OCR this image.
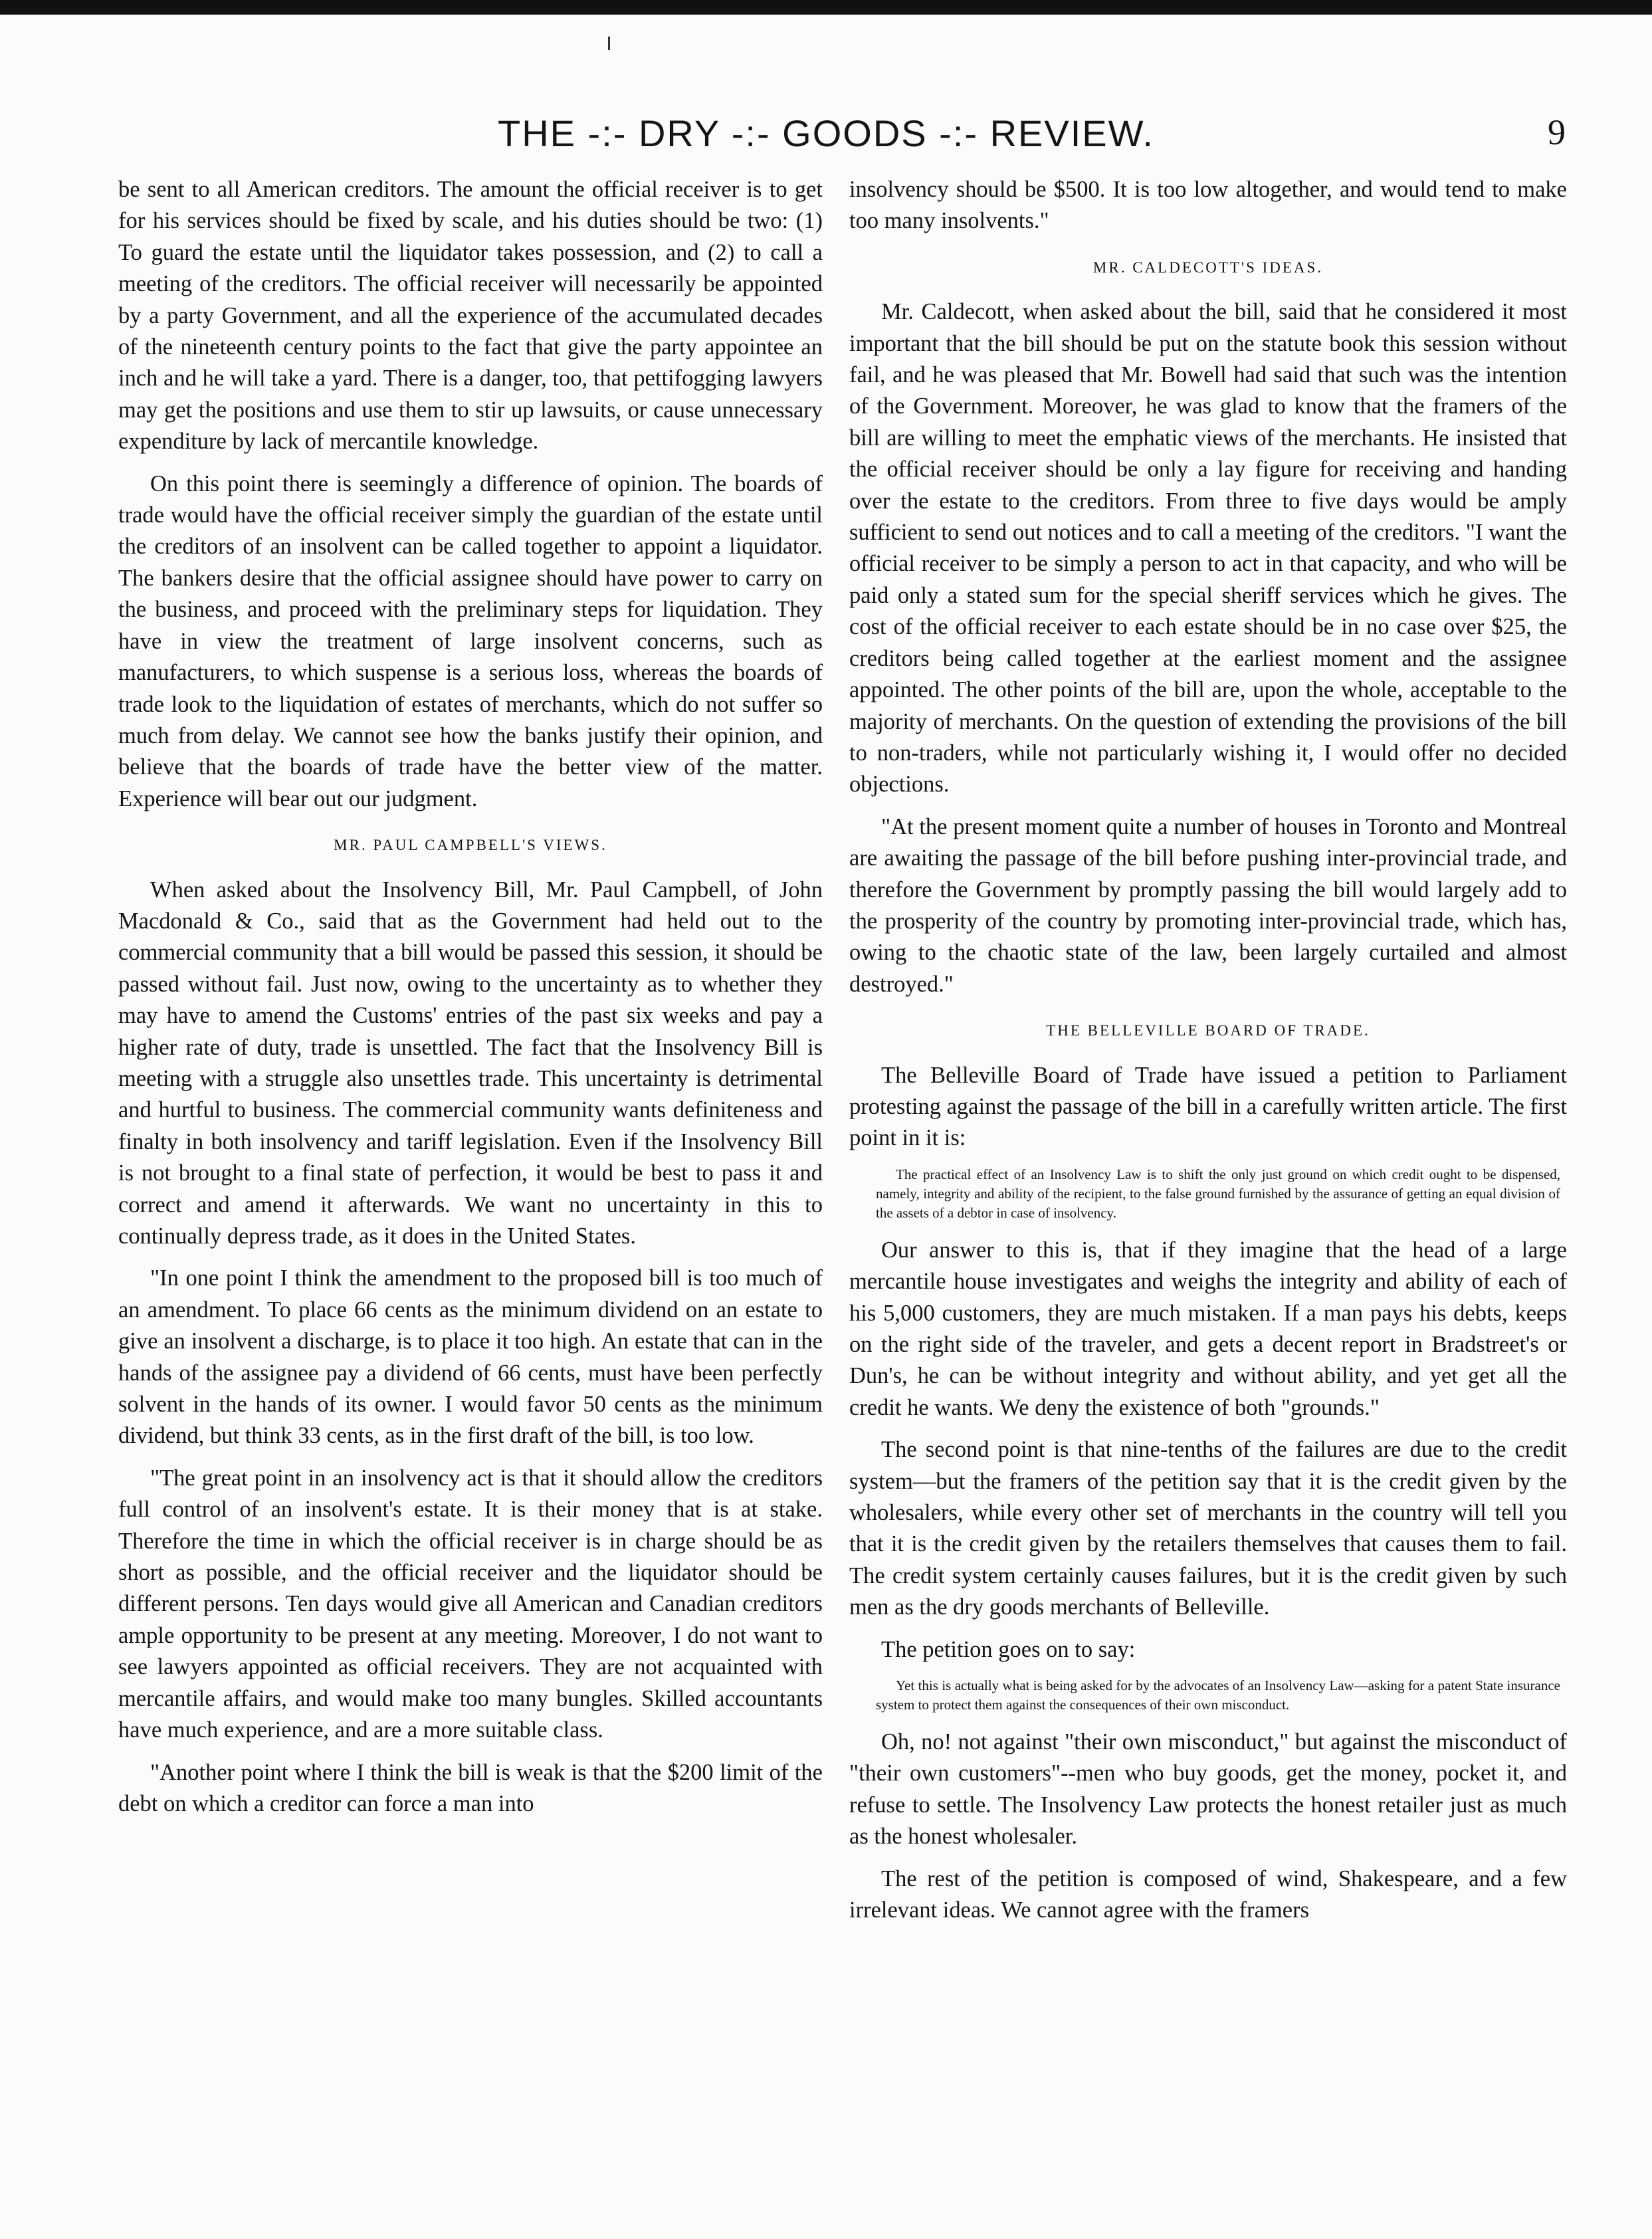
THE -:- DRY -:- GOODS -:- REVIEW.	9

be sent to all American creditors. The amount the official receiver is to get for his services should be fixed by scale, and his duties should be two: (1) To guard the estate until the liquidator takes possession, and (2) to call a meeting of the creditors. The official receiver will necessarily be appointed by a party Government, and all the experience of the accumulated decades of the nineteenth century points to the fact that give the party appointee an inch and he will take a yard. There is a danger, too, that pettifogging lawyers may get the positions and use them to stir up lawsuits, or cause unnecessary expenditure by lack of mercantile knowledge.

On this point there is seemingly a difference of opinion. The boards of trade would have the official receiver simply the guardian of the estate until the creditors of an insolvent can be called together to appoint a liquidator. The bankers desire that the official assignee should have power to carry on the business, and proceed with the preliminary steps for liquidation. They have in view the treatment of large insolvent concerns, such as manufacturers, to which suspense is a serious loss, whereas the boards of trade look to the liquidation of estates of merchants, which do not suffer so much from delay. We cannot see how the banks justify their opinion, and believe that the boards of trade have the better view of the matter. Experience will bear out our judgment.

MR. PAUL CAMPBELL'S VIEWS.

When asked about the Insolvency Bill, Mr. Paul Campbell, of John Macdonald & Co., said that as the Government had held out to the commercial community that a bill would be passed this session, it should be passed without fail. Just now, owing to the uncertainty as to whether they may have to amend the Customs' entries of the past six weeks and pay a higher rate of duty, trade is unsettled. The fact that the Insolvency Bill is meeting with a struggle also unsettles trade. This uncertainty is detrimental and hurtful to business. The commercial community wants definiteness and finalty in both insolvency and tariff legislation. Even if the Insolvency Bill is not brought to a final state of perfection, it would be best to pass it and correct and amend it afterwards. We want no uncertainty in this to continually depress trade, as it does in the United States.

"In one point I think the amendment to the proposed bill is too much of an amendment. To place 66 cents as the minimum dividend on an estate to give an insolvent a discharge, is to place it too high. An estate that can in the hands of the assignee pay a dividend of 66 cents, must have been perfectly solvent in the hands of its owner. I would favor 50 cents as the minimum dividend, but think 33 cents, as in the first draft of the bill, is too low.

"The great point in an insolvency act is that it should allow the creditors full control of an insolvent's estate. It is their money that is at stake. Therefore the time in which the official receiver is in charge should be as short as possible, and the official receiver and the liquidator should be different persons. Ten days would give all American and Canadian creditors ample opportunity to be present at any meeting. Moreover, I do not want to see lawyers appointed as official receivers. They are not acquainted with mercantile affairs, and would make too many bungles. Skilled accountants have much experience, and are a more suitable class.

"Another point where I think the bill is weak is that the $200 limit of the debt on which a creditor can force a man into

insolvency should be $500. It is too low altogether, and would tend to make too many insolvents."

MR. CALDECOTT'S IDEAS.

Mr. Caldecott, when asked about the bill, said that he considered it most important that the bill should be put on the statute book this session without fail, and he was pleased that Mr. Bowell had said that such was the intention of the Government. Moreover, he was glad to know that the framers of the bill are willing to meet the emphatic views of the merchants. He insisted that the official receiver should be only a lay figure for receiving and handing over the estate to the creditors. From three to five days would be amply sufficient to send out notices and to call a meeting of the creditors. "I want the official receiver to be simply a person to act in that capacity, and who will be paid only a stated sum for the special sheriff services which he gives. The cost of the official receiver to each estate should be in no case over $25, the creditors being called together at the earliest moment and the assignee appointed. The other points of the bill are, upon the whole, acceptable to the majority of merchants. On the question of extending the provisions of the bill to non-traders, while not particularly wishing it, I would offer no decided objections.

"At the present moment quite a number of houses in Toronto and Montreal are awaiting the passage of the bill before pushing inter-provincial trade, and therefore the Government by promptly passing the bill would largely add to the prosperity of the country by promoting inter-provincial trade, which has, owing to the chaotic state of the law, been largely curtailed and almost destroyed."

THE BELLEVILLE BOARD OF TRADE.

The Belleville Board of Trade have issued a petition to Parliament protesting against the passage of the bill in a carefully written article. The first point in it is:

The practical effect of an Insolvency Law is to shift the only just ground on which credit ought to be dispensed, namely, integrity and ability of the recipient, to the false ground furnished by the assurance of getting an equal division of the assets of a debtor in case of insolvency.

Our answer to this is, that if they imagine that the head of a large mercantile house investigates and weighs the integrity and ability of each of his 5,000 customers, they are much mistaken. If a man pays his debts, keeps on the right side of the traveler, and gets a decent report in Bradstreet's or Dun's, he can be without integrity and without ability, and yet get all the credit he wants. We deny the existence of both "grounds."

The second point is that nine-tenths of the failures are due to the credit system—but the framers of the petition say that it is the credit given by the wholesalers, while every other set of merchants in the country will tell you that it is the credit given by the retailers themselves that causes them to fail. The credit system certainly causes failures, but it is the credit given by such men as the dry goods merchants of Belleville.

The petition goes on to say:

Yet this is actually what is being asked for by the advocates of an Insolvency Law—asking for a patent State insurance system to protect them against the consequences of their own misconduct.

Oh, no! not against "their own misconduct," but against the misconduct of "their own customers"--men who buy goods, get the money, pocket it, and refuse to settle. The Insolvency Law protects the honest retailer just as much as the honest wholesaler.

The rest of the petition is composed of wind, Shakespeare, and a few irrelevant ideas. We cannot agree with the framers
